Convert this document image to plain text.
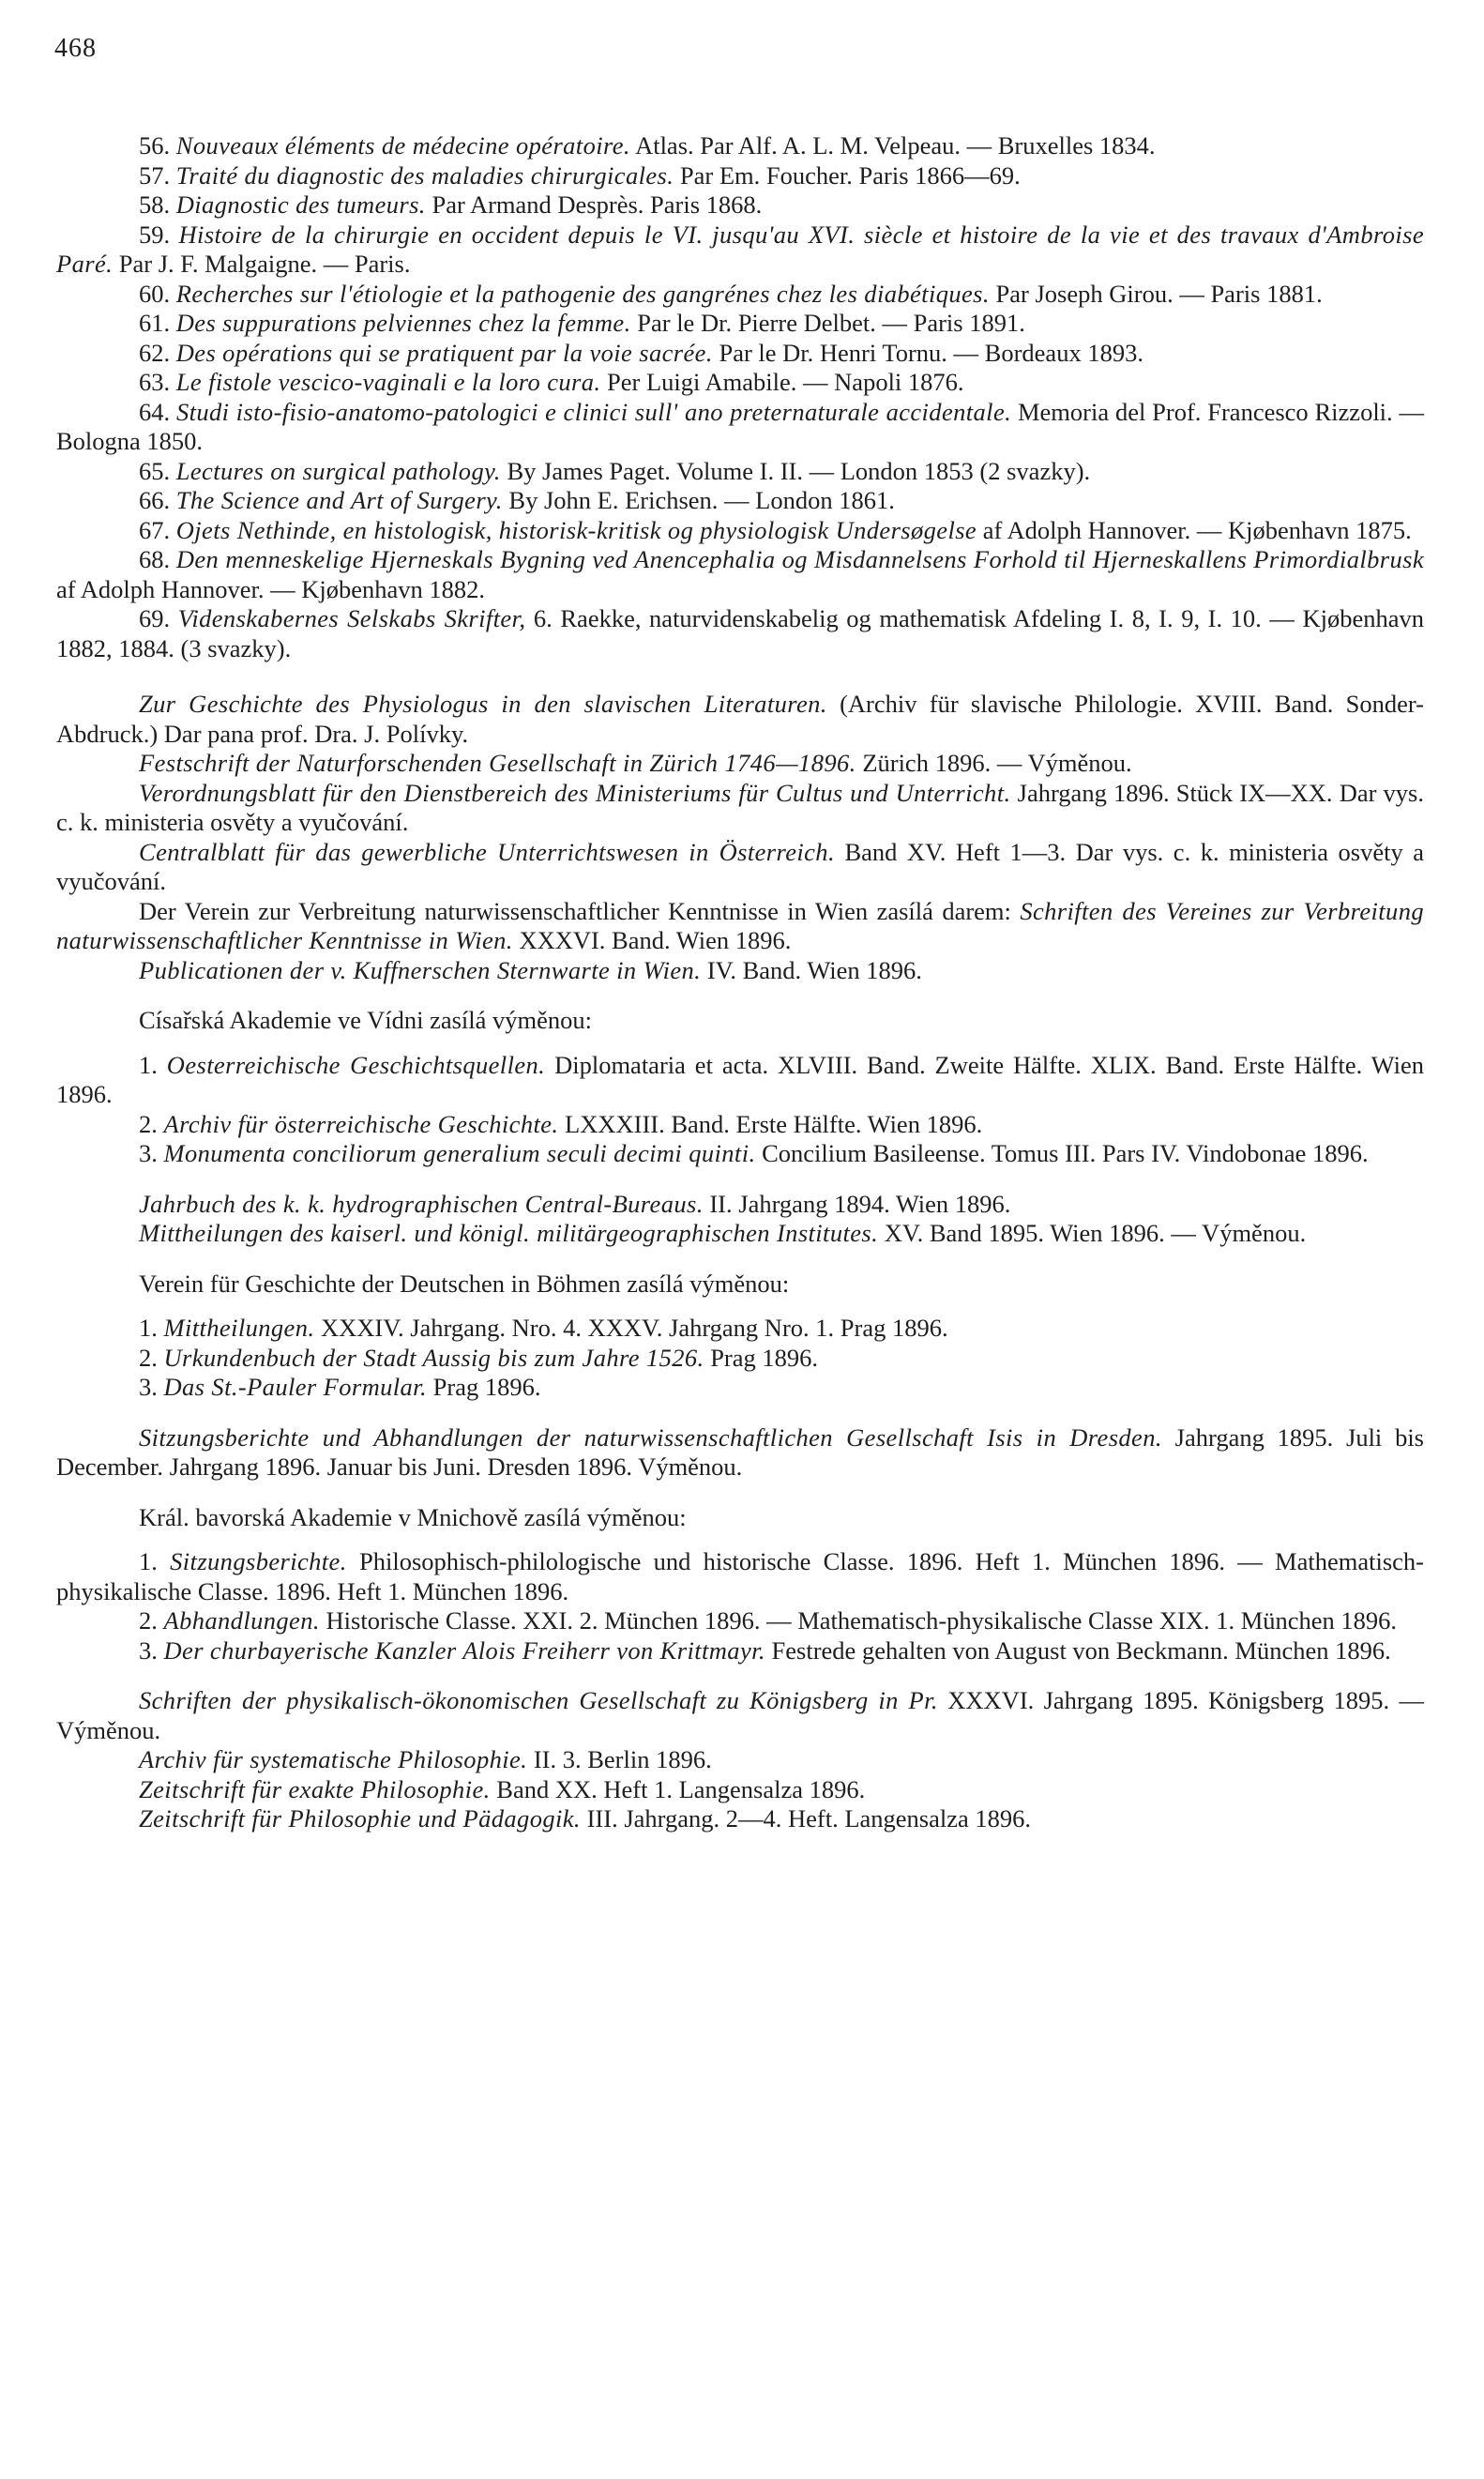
468

56. Nouveaux éléments de médecine opératoire. Atlas. Par Alf. A. L. M. Velpeau. — Bruxelles 1834.

57. Traité du diagnostic des maladies chirurgicales. Par Em. Foucher. Paris 1866—69.

58. Diagnostic des tumeurs. Par Armand Desprès. Paris 1868.

59. Histoire de la chirurgie en occident depuis le VI. jusqu'au XVI. siècle et histoire de la vie et des travaux d'Ambroise Paré. Par J. F. Malgaigne. — Paris.

60. Recherches sur l'étiologie et la pathogenie des gangrénes chez les diabétiques. Par Joseph Girou. — Paris 1881.

61. Des suppurations pelviennes chez la femme. Par le Dr. Pierre Delbet. — Paris 1891.

62. Des opérations qui se pratiquent par la voie sacrée. Par le Dr. Henri Tornu. — Bordeaux 1893.

63. Le fistole vescico-vaginali e la loro cura. Per Luigi Amabile. — Napoli 1876.

64. Studi isto-fisio-anatomo-patologici e clinici sull' ano preternaturale accidentale. Memoria del Prof. Francesco Rizzoli. — Bologna 1850.

65. Lectures on surgical pathology. By James Paget. Volume I. II. — London 1853 (2 svazky).

66. The Science and Art of Surgery. By John E. Erichsen. — London 1861.

67. Ojets Nethinde, en histologisk, historisk-kritisk og physiologisk Undersøgelse af Adolph Hannover. — Kjøbenhavn 1875.

68. Den menneskelige Hjerneskals Bygning ved Anencephalia og Misdannelsens Forhold til Hjerneskallens Primordialbrusk af Adolph Hannover. — Kjøbenhavn 1882.

69. Videnskabernes Selskabs Skrifter, 6. Raekke, naturvidenskabelig og mathematisk Afdeling I. 8, I. 9, I. 10. — Kjøbenhavn 1882, 1884. (3 svazky).

Zur Geschichte des Physiologus in den slavischen Literaturen. (Archiv für slavische Philologie. XVIII. Band. Sonder-Abdruck.) Dar pana prof. Dra. J. Polívky.

Festschrift der Naturforschenden Gesellschaft in Zürich 1746—1896. Zürich 1896. — Výměnou.

Verordnungsblatt für den Dienstbereich des Ministeriums für Cultus und Unterricht. Jahrgang 1896. Stück IX—XX. Dar vys. c. k. ministeria osvěty a vyučování.

Centralblatt für das gewerbliche Unterrichtswesen in Österreich. Band XV. Heft 1—3. Dar vys. c. k. ministeria osvěty a vyučování.

Der Verein zur Verbreitung naturwissenschaftlicher Kenntnisse in Wien zasílá darem: Schriften des Vereines zur Verbreitung naturwissenschaftlicher Kenntnisse in Wien. XXXVI. Band. Wien 1896.

Publicationen der v. Kuffnerschen Sternwarte in Wien. IV. Band. Wien 1896.

Císařská Akademie ve Vídni zasílá výměnou:

1. Oesterreichische Geschichtsquellen. Diplomataria et acta. XLVIII. Band. Zweite Hälfte. XLIX. Band. Erste Hälfte. Wien 1896.

2. Archiv für österreichische Geschichte. LXXXIII. Band. Erste Hälfte. Wien 1896.

3. Monumenta conciliorum generalium seculi decimi quinti. Concilium Basileense. Tomus III. Pars IV. Vindobonae 1896.

Jahrbuch des k. k. hydrographischen Central-Bureaus. II. Jahrgang 1894. Wien 1896.

Mittheilungen des kaiserl. und königl. militärgeographischen Institutes. XV. Band 1895. Wien 1896. — Výměnou.

Verein für Geschichte der Deutschen in Böhmen zasílá výměnou:

1. Mittheilungen. XXXIV. Jahrgang. Nro. 4. XXXV. Jahrgang Nro. 1. Prag 1896.

2. Urkundenbuch der Stadt Aussig bis zum Jahre 1526. Prag 1896.

3. Das St.-Pauler Formular. Prag 1896.

Sitzungsberichte und Abhandlungen der naturwissenschaftlichen Gesellschaft Isis in Dresden. Jahrgang 1895. Juli bis December. Jahrgang 1896. Januar bis Juni. Dresden 1896. Výměnou.

Král. bavorská Akademie v Mnichově zasílá výměnou:

1. Sitzungsberichte. Philosophisch-philologische und historische Classe. 1896. Heft 1. München 1896. — Mathematisch-physikalische Classe. 1896. Heft 1. München 1896.

2. Abhandlungen. Historische Classe. XXI. 2. München 1896. — Mathematisch-physikalische Classe XIX. 1. München 1896.

3. Der churbayerische Kanzler Alois Freiherr von Krittmayr. Festrede gehalten von August von Beckmann. München 1896.

Schriften der physikalisch-ökonomischen Gesellschaft zu Königsberg in Pr. XXXVI. Jahrgang 1895. Königsberg 1895. — Výměnou.

Archiv für systematische Philosophie. II. 3. Berlin 1896.

Zeitschrift für exakte Philosophie. Band XX. Heft 1. Langensalza 1896.

Zeitschrift für Philosophie und Pädagogik. III. Jahrgang. 2—4. Heft. Langensalza 1896.
